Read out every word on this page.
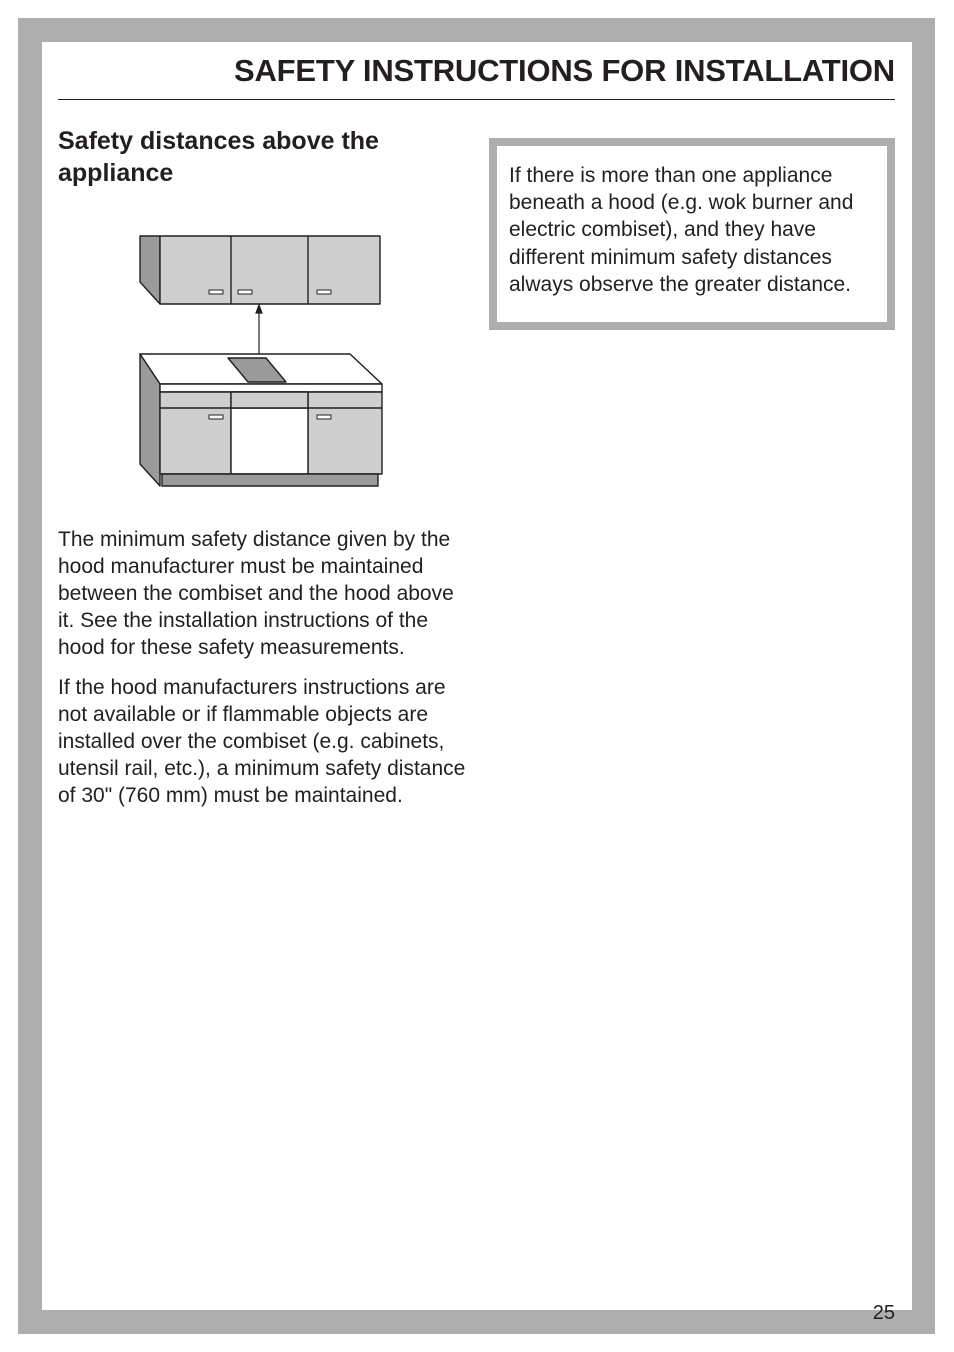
SAFETY INSTRUCTIONS FOR INSTALLATION
Safety distances above the appliance

The minimum safety distance given by the hood manufacturer must be maintained between the combiset and the hood above it. See the installation instructions of the hood for these safety measurements.

If the hood manufacturers instructions are not available or if flammable objects are installed over the combiset (e.g. cabinets, utensil rail, etc.), a minimum safety distance of 30" (760 mm) must be maintained.

If there is more than one appliance beneath a hood (e.g. wok burner and electric combiset), and they have different minimum safety distances always observe the greater distance.
25
